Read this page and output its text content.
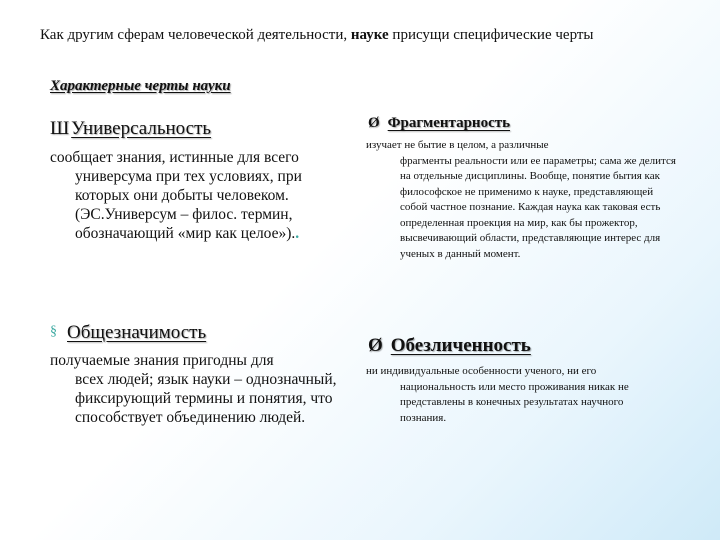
Как другим сферам человеческой деятельности, науке присущи специфические черты
Характерные черты науки
Ш Универсальность
сообщает знания, истинные для всего
универсума при тех условиях, при которых они добыты человеком. (ЭС.Универсум – филос. термин, обозначающий «мир как целое»)..
§ Общезначимость
получаемые знания пригодны для
всех людей; язык науки – однозначный, фиксирующий термины и понятия, что способствует объединению людей.
Ø Фрагментарность
изучает не бытие в целом, а различные
фрагменты реальности или ее параметры; сама же делится на отдельные дисциплины. Вообще, понятие бытия как философское не применимо к науке, представляющей собой частное познание. Каждая наука как таковая есть определенная проекция на мир, как бы прожектор, высвечивающий области, представляющие интерес для ученых в данный момент.
Ø Обезличенность
ни индивидуальные особенности ученого, ни его
национальность или место проживания никак не представлены в конечных результатах научного познания.
